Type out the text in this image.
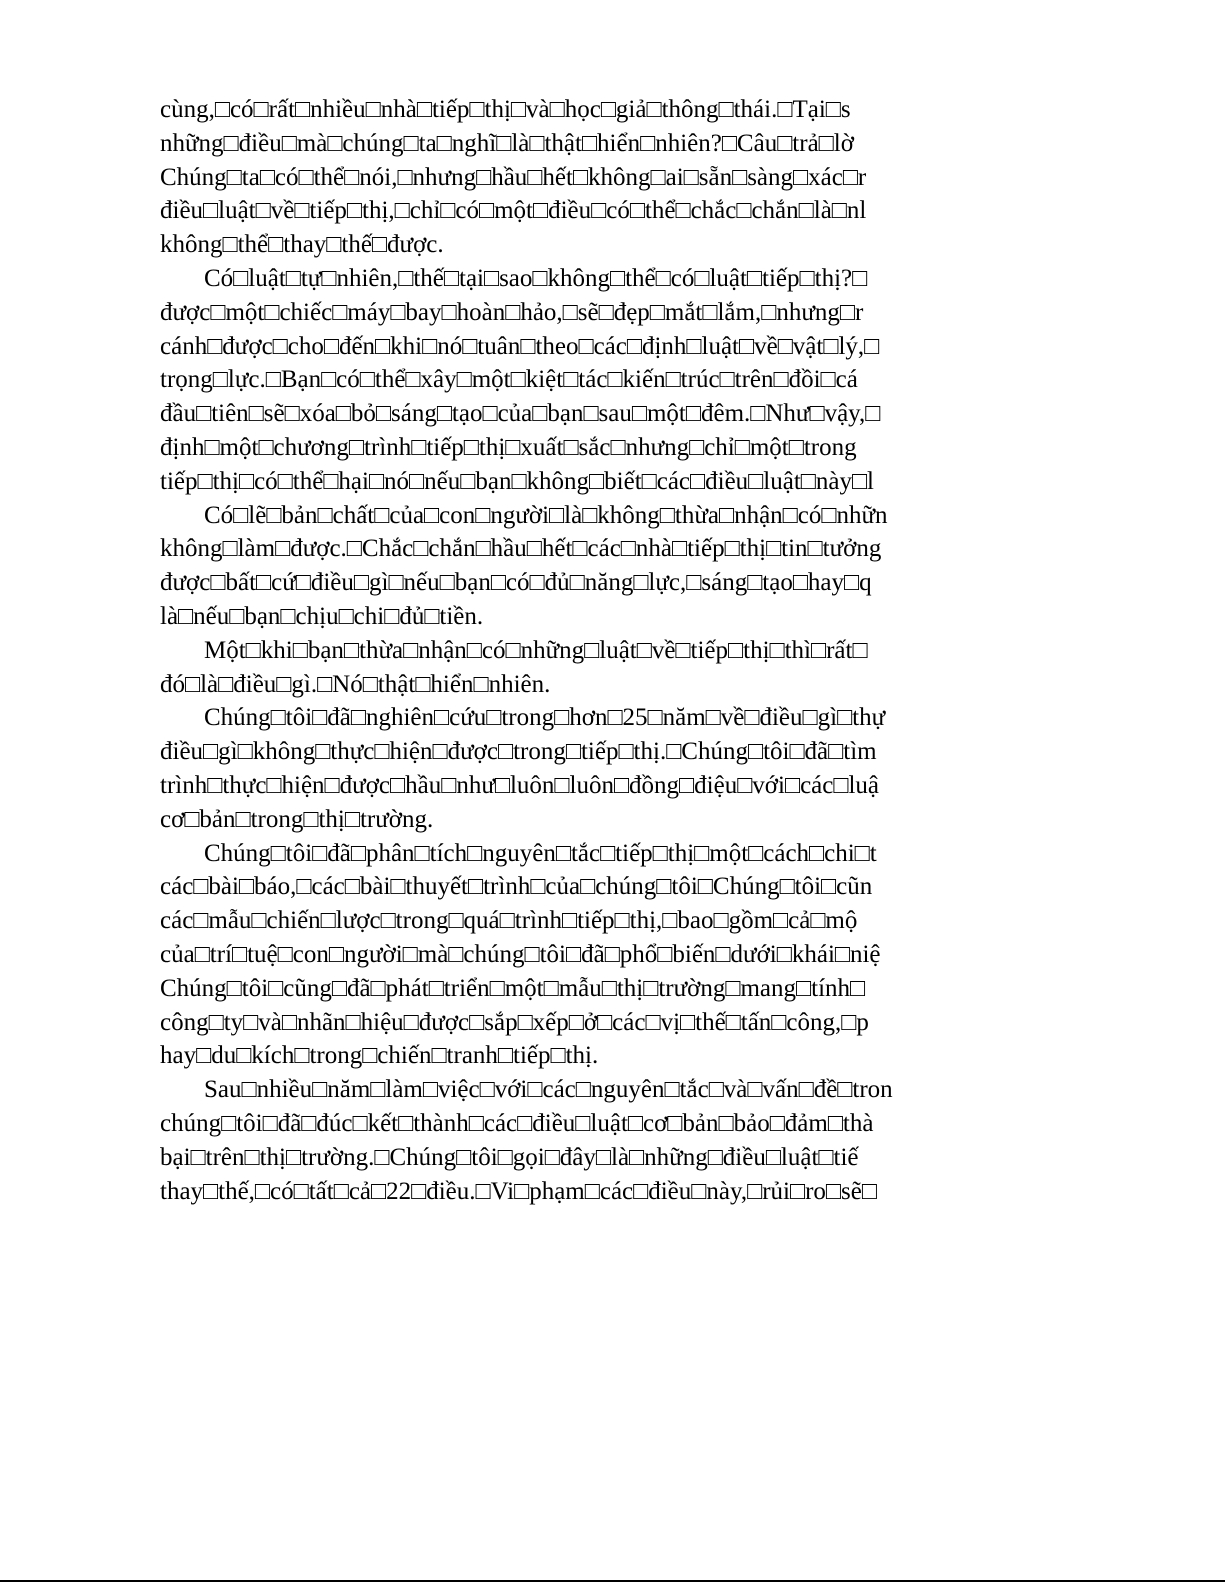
cùng,□có□rất□nhiều□nhà□tiếp□thị□và□học□giả□thông□thái.□Tại□s
những□điều□mà□chúng□ta□nghĩ□là□thật□hiển□nhiên?□Câu□trả□lờ
Chúng□ta□có□thể□nói,□nhưng□hầu□hết□không□ai□sẵn□sàng□xác□r
điều□luật□về□tiếp□thị,□chỉ□có□một□điều□có□thể□chắc□chắn□là□nl
không□thể□thay□thế□được.
Có□luật□tự□nhiên,□thế□tại□sao□không□thể□có□luật□tiếp□thị?□
được□một□chiếc□máy□bay□hoàn□hảo,□sẽ□đẹp□mắt□lắm,□nhưng□r
cánh□được□cho□đến□khi□nó□tuân□theo□các□định□luật□về□vật□lý,□
trọng□lực.□Bạn□có□thể□xây□một□kiệt□tác□kiến□trúc□trên□đồi□cá
đầu□tiên□sẽ□xóa□bỏ□sáng□tạo□của□bạn□sau□một□đêm.□Như□vậy,□
định□một□chương□trình□tiếp□thị□xuất□sắc□nhưng□chỉ□một□trong
tiếp□thị□có□thể□hại□nó□nếu□bạn□không□biết□các□điều□luật□này□l
Có□lẽ□bản□chất□của□con□người□là□không□thừa□nhận□có□nhữn
không□làm□được.□Chắc□chắn□hầu□hết□các□nhà□tiếp□thị□tin□tưởng
được□bất□cứ□điều□gì□nếu□bạn□có□đủ□năng□lực,□sáng□tạo□hay□q
là□nếu□bạn□chịu□chi□đủ□tiền.
Một□khi□bạn□thừa□nhận□có□những□luật□về□tiếp□thị□thì□rất□
đó□là□điều□gì.□Nó□thật□hiển□nhiên.
Chúng□tôi□đã□nghiên□cứu□trong□hơn□25□năm□về□điều□gì□thự
điều□gì□không□thực□hiện□được□trong□tiếp□thị.□Chúng□tôi□đã□tìm
trình□thực□hiện□được□hầu□như□luôn□luôn□đồng□điệu□với□các□luậ
cơ□bản□trong□thị□trường.
Chúng□tôi□đã□phân□tích□nguyên□tắc□tiếp□thị□một□cách□chi□t
các□bài□báo,□các□bài□thuyết□trình□của□chúng□tôi□Chúng□tôi□cũn
các□mẫu□chiến□lược□trong□quá□trình□tiếp□thị,□bao□gồm□cả□mộ
của□trí□tuệ□con□người□mà□chúng□tôi□đã□phổ□biến□dưới□khái□niệ
Chúng□tôi□cũng□đã□phát□triển□một□mẫu□thị□trường□mang□tính□
công□ty□và□nhãn□hiệu□được□sắp□xếp□ở□các□vị□thế□tấn□công,□p
hay□du□kích□trong□chiến□tranh□tiếp□thị.
Sau□nhiều□năm□làm□việc□với□các□nguyên□tắc□và□vấn□đề□tron
chúng□tôi□đã□đúc□kết□thành□các□điều□luật□cơ□bản□bảo□đảm□thà
bại□trên□thị□trường.□Chúng□tôi□gọi□đây□là□những□điều□luật□tiế
thay□thế,□có□tất□cả□22□điều.□Vi□phạm□các□điều□này,□rủi□ro□sẽ□
